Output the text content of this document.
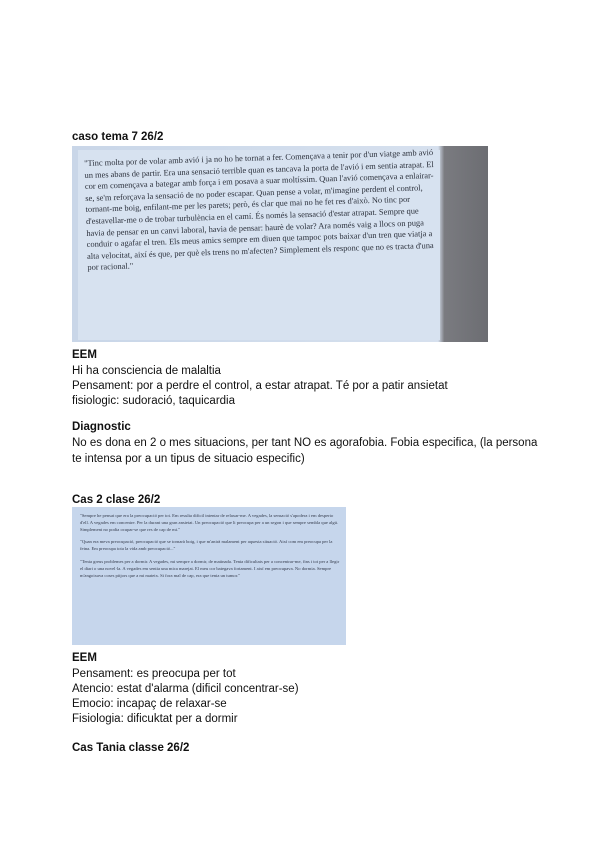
caso tema 7 26/2
"Tinc molta por de volar amb avió i ja no ho he tornat a fer. Començava a tenir por d'un viatge amb avió un mes abans de partir. Era una sensació terrible quan es tancava la porta de l'avió i em sentia atrapat. El cor em començava a bategar amb força i em posava a suar moltíssim. Quan l'avió començava a enlairar-se, se'm reforçava la sensació de no poder escapar. Quan pense a volar, m'imagine perdent el control, tornant-me boig, enfilant-me per les parets; però, és clar que mai no he fet res d'això. No tinc por d'estavellar-me o de trobar turbulència en el camí. És només la sensació d'estar atrapat. Sempre que havia de pensar en un canvi laboral, havia de pensar: haurè de volar? Ara només vaig a llocs on puga conduir o agafar el tren. Els meus amics sempre em diuen que tampoc pots baixar d'un tren que viatja a alta velocitat, així és que, per què els trens no m'afecten? Simplement els responc que no es tracta d'una por racional."
EEM

Hi ha consciencia de malaltia

Pensament: por a perdre el control, a estar atrapat. Té por a patir ansietat

fisiologic: sudoració, taquicardia

Diagnostic

No es dona en 2 o mes situacions, per tant NO es agorafobia. Fobia especifica, (la persona

te intensa por a un tipus de situacio especific)

Cas 2 clase 26/2

"Sempre he pensat que era la preocupació per tot. Em resulta dificil intentar de relaxar-me. A vegades, la sensació s'apodera i em desperto d'ell. A vegades em concentre. Per la durant una gran ansietat. Un preocupació que li preocupa per a un segon i que sempre sembla que algú. Simplement no podia ocupar-se que res de cap de mi."

"Quan era meva preocupació, preocupació que se tornarà boig, i que m'anirà malament per aquesta situació. Així com em preocupa per la feina. Em preocupa tota la vida amb preocupació..."

"Tenia greus problemes per a dormir. A vegades, mi sempre a dormir, de matinada. Tenia dificultats per a concentrar-me, fins i tot per a llegir el diari o una novel·la. A vegades em sentia una mica marejat. El meu cor bategava fortament. I així em preocupava. No dormia. Sempre m'angoixava coses pitjors que a mi mateix. Si fora mal de cap, era que tenia un tumor."

EEM

Pensament: es preocupa per tot

Atencio: estat d'alarma (dificil concentrar-se)

Emocio: incapaç de relaxar-se

Fisiologia: dificuktat per a dormir

Cas Tania classe 26/2
